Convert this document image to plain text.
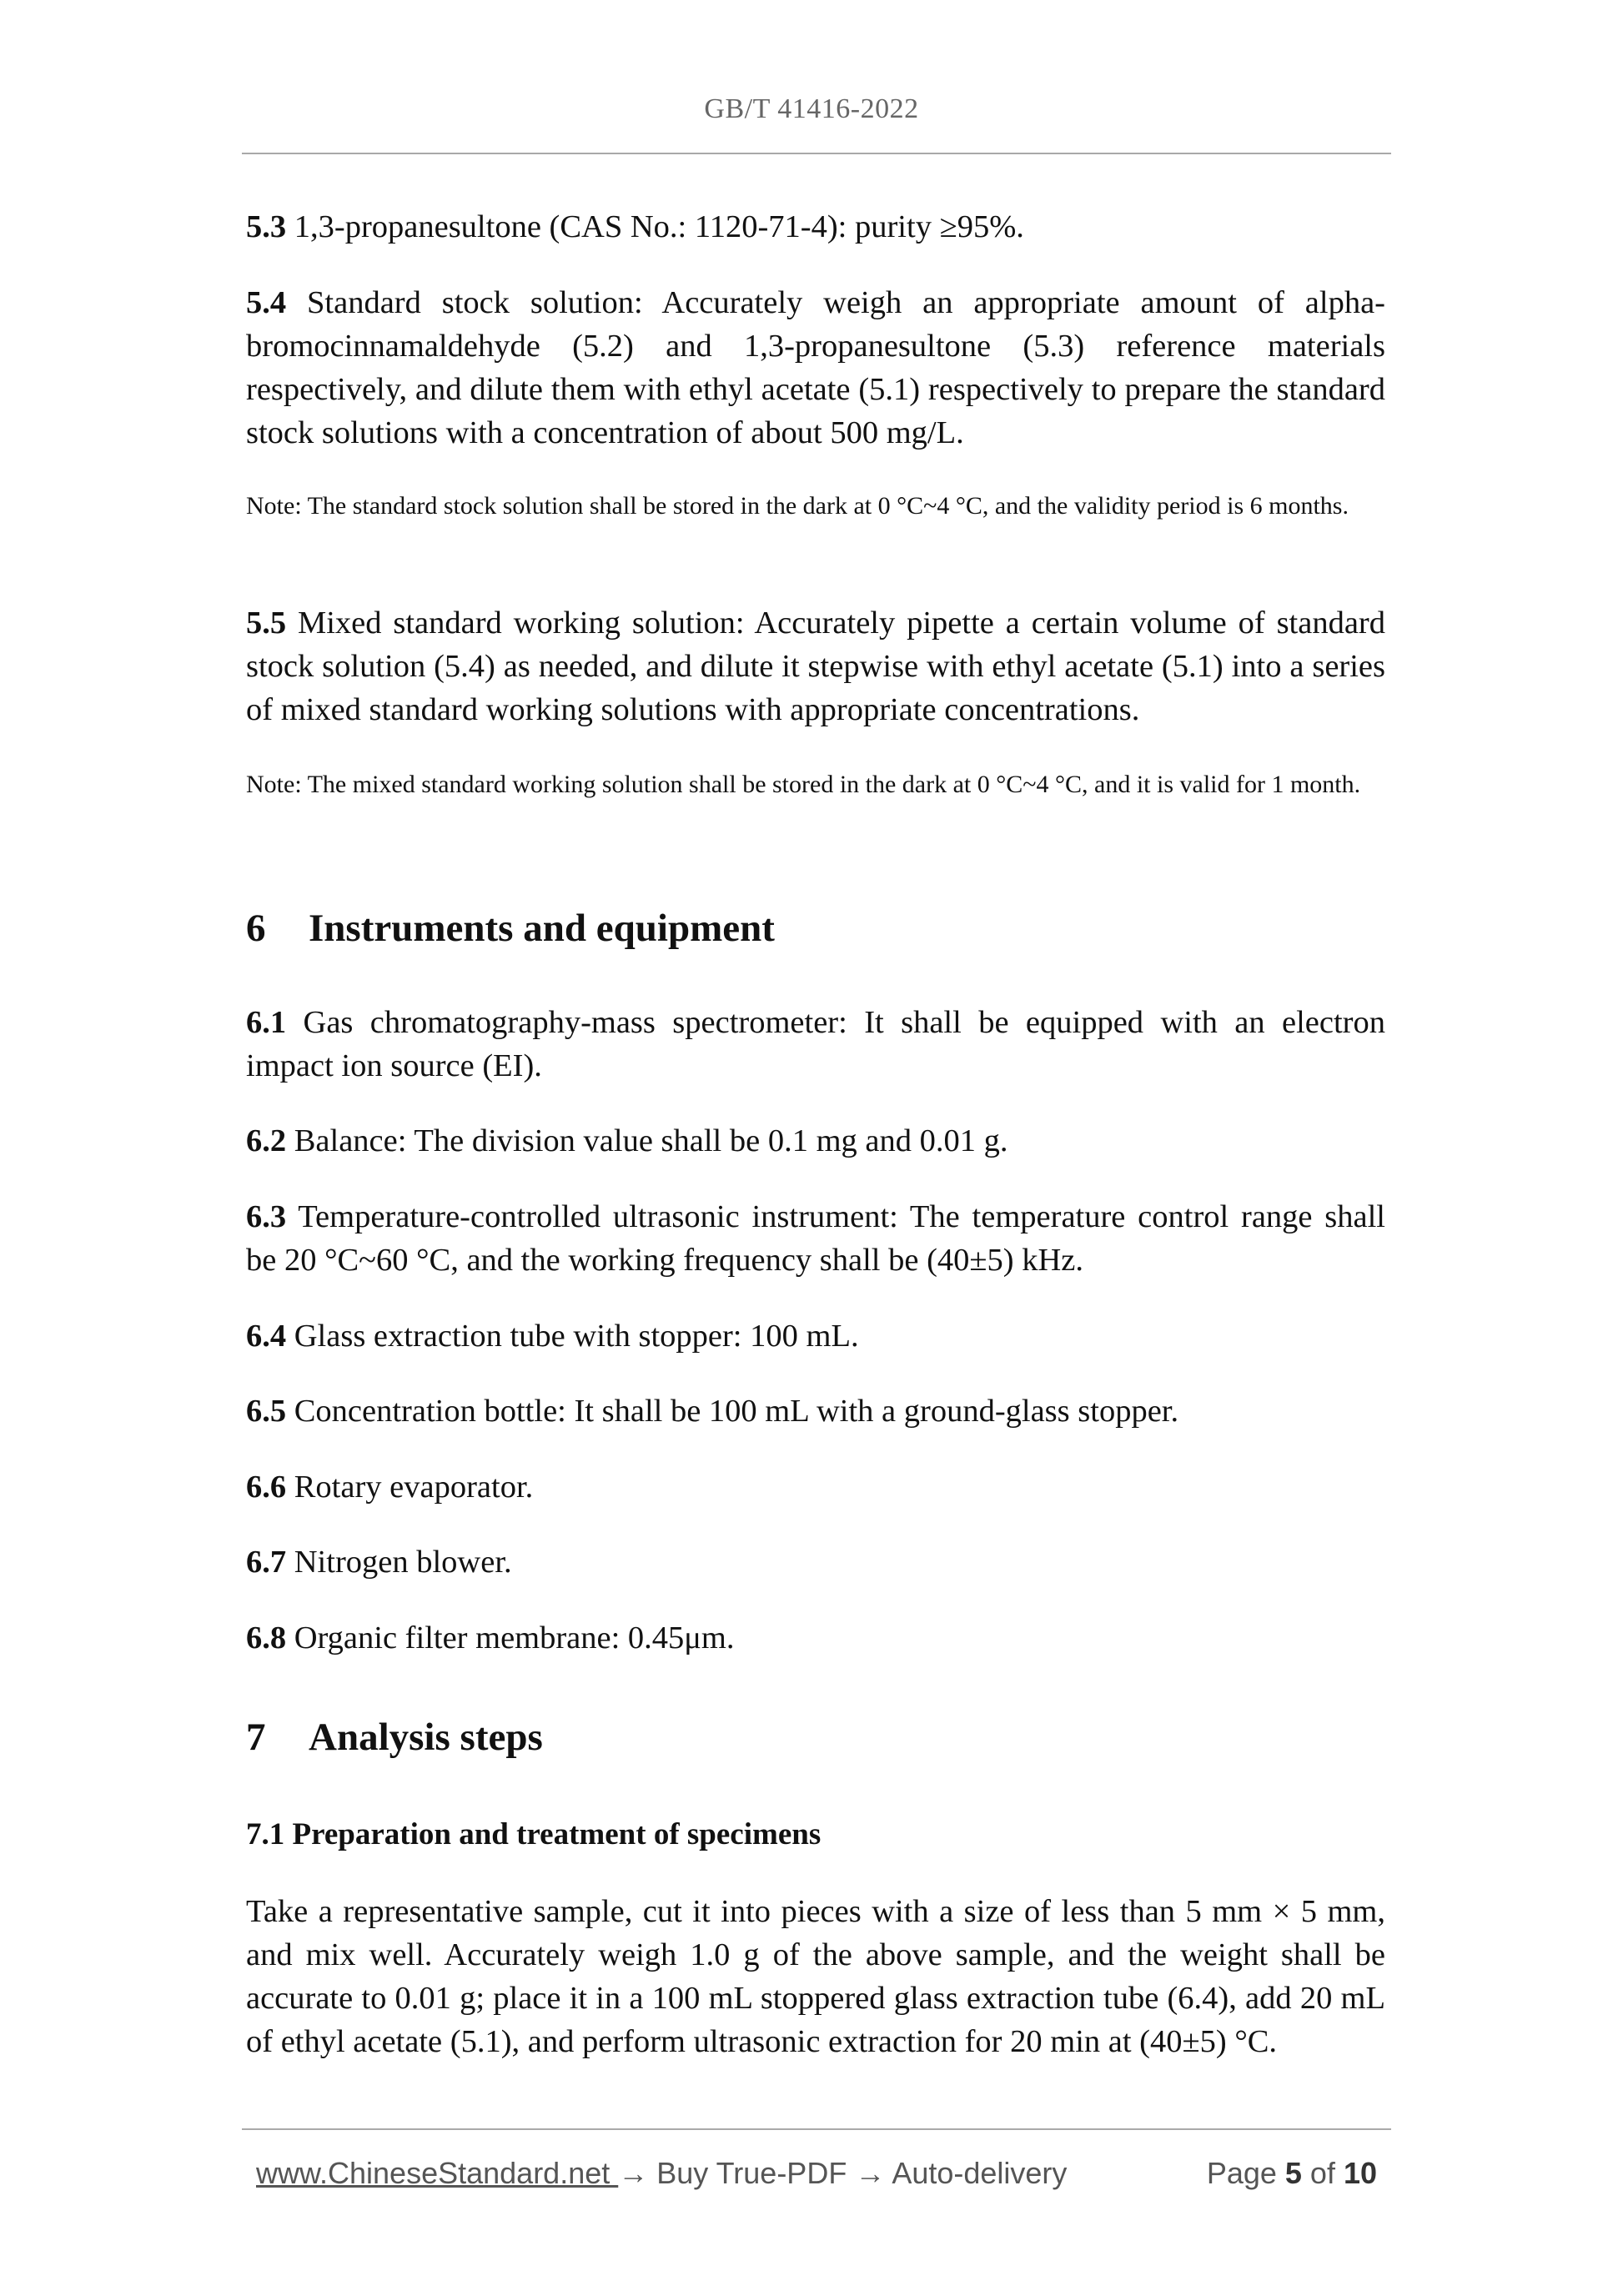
GB/T 41416-2022

5.3 1,3-propanesultone (CAS No.: 1120-71-4): purity ≥95%.

5.4 Standard stock solution: Accurately weigh an appropriate amount of alpha-bromocinnamaldehyde (5.2) and 1,3-propanesultone (5.3) reference materials respectively, and dilute them with ethyl acetate (5.1) respectively to prepare the standard stock solutions with a concentration of about 500 mg/L.

Note: The standard stock solution shall be stored in the dark at 0 °C~4 °C, and the validity period is 6 months.

5.5 Mixed standard working solution: Accurately pipette a certain volume of standard stock solution (5.4) as needed, and dilute it stepwise with ethyl acetate (5.1) into a series of mixed standard working solutions with appropriate concentrations.

Note: The mixed standard working solution shall be stored in the dark at 0 °C~4 °C, and it is valid for 1 month.

6 Instruments and equipment

6.1 Gas chromatography-mass spectrometer: It shall be equipped with an electron impact ion source (EI).

6.2 Balance: The division value shall be 0.1 mg and 0.01 g.

6.3 Temperature-controlled ultrasonic instrument: The temperature control range shall be 20 °C~60 °C, and the working frequency shall be (40±5) kHz.

6.4 Glass extraction tube with stopper: 100 mL.

6.5 Concentration bottle: It shall be 100 mL with a ground-glass stopper.

6.6 Rotary evaporator.

6.7 Nitrogen blower.

6.8 Organic filter membrane: 0.45μm.

7 Analysis steps

7.1 Preparation and treatment of specimens

Take a representative sample, cut it into pieces with a size of less than 5 mm × 5 mm, and mix well. Accurately weigh 1.0 g of the above sample, and the weight shall be accurate to 0.01 g; place it in a 100 mL stoppered glass extraction tube (6.4), add 20 mL of ethyl acetate (5.1), and perform ultrasonic extraction for 20 min at (40±5) °C.

www.ChineseStandard.net → Buy True-PDF → Auto-delivery	Page 5 of 10
